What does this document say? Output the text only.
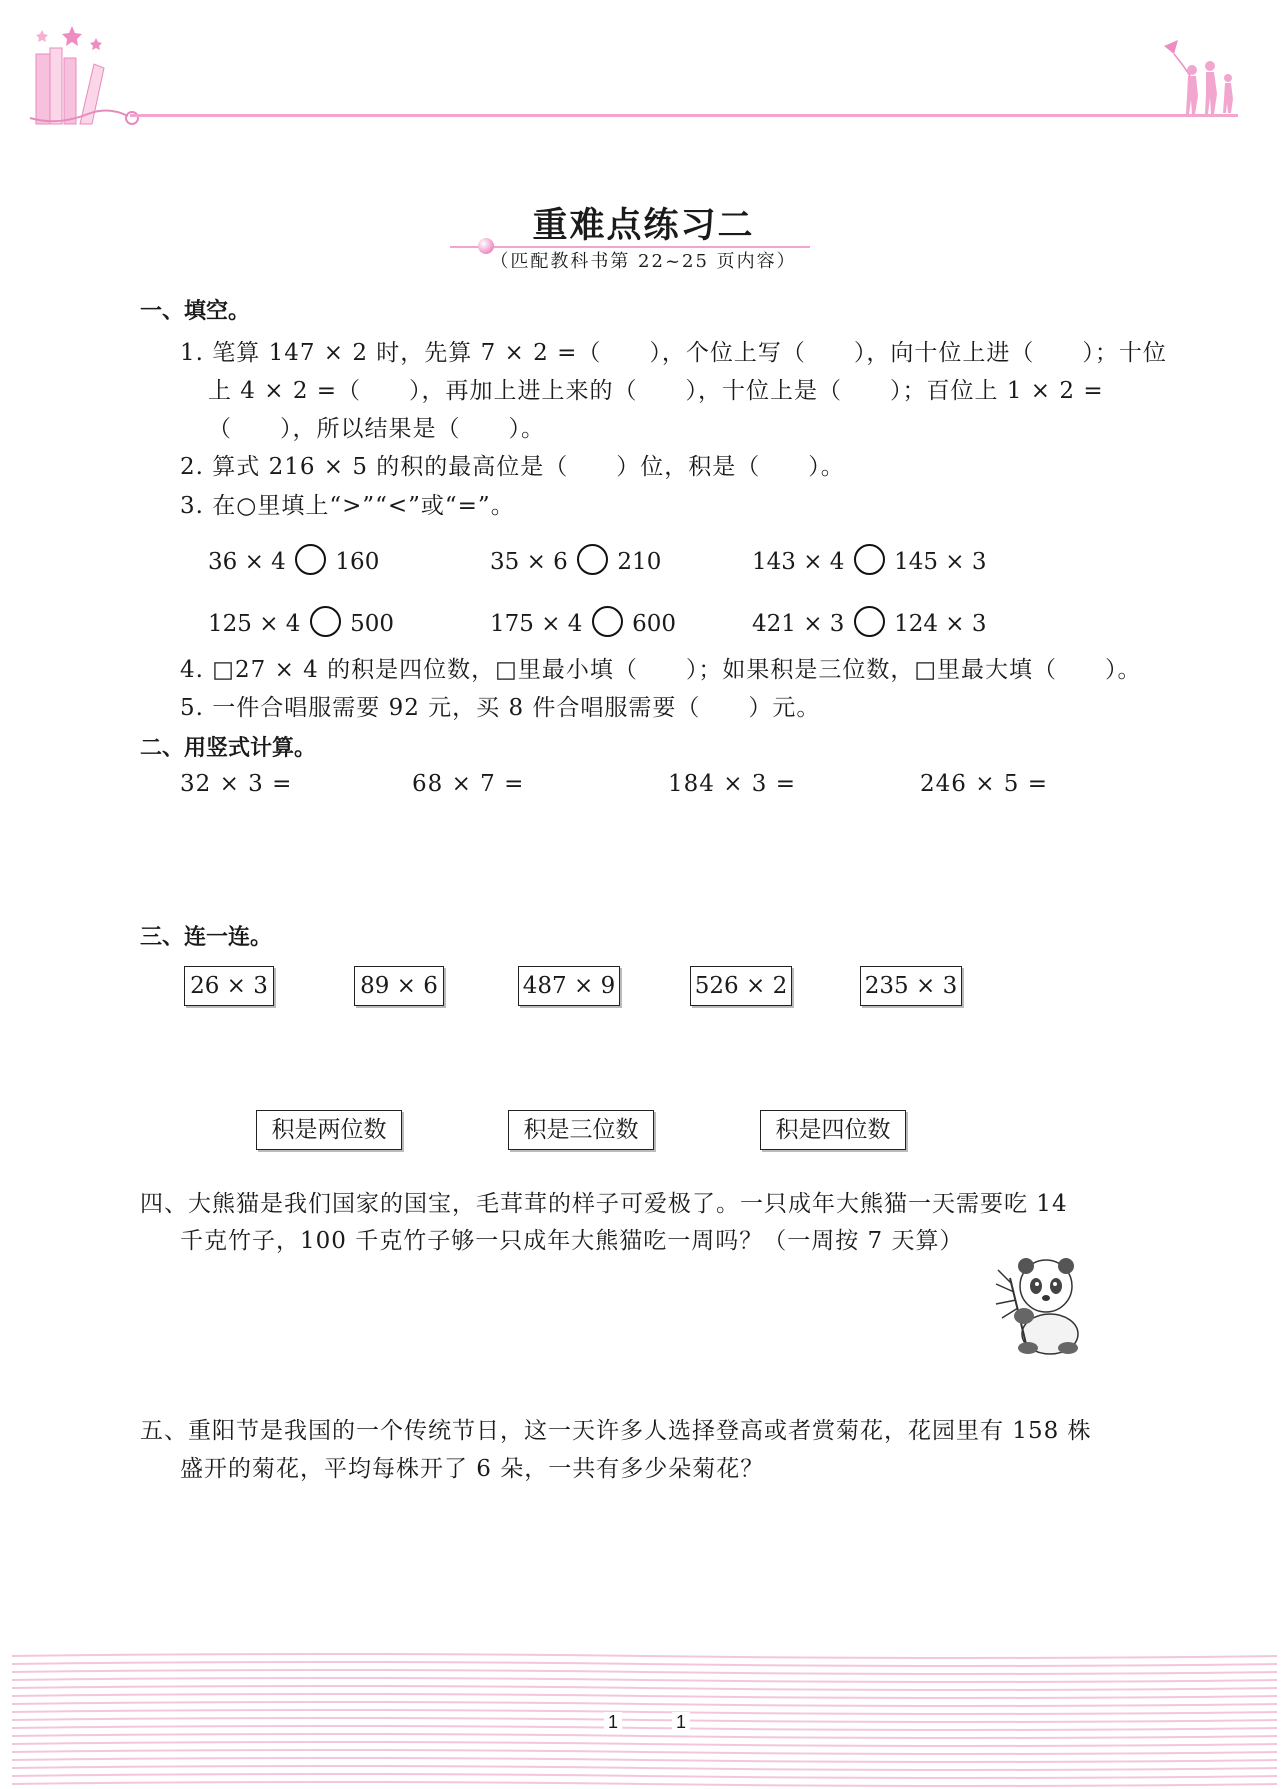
重难点练习二
（匹配教科书第 22~25 页内容）
一、填空。
1. 笔算 147 × 2 时，先算 7 × 2 =（　　），个位上写（　　），向十位上进（　　）；十位
上 4 × 2 =（　　），再加上进上来的（　　），十位上是（　　）；百位上 1 × 2 =
（　　），所以结果是（　　）。
2. 算式 216 × 5 的积的最高位是（　　）位，积是（　　）。
3. 在○里填上“>”“<”或“=”。
36 × 4 160	35 × 6 210	143 × 4 145 × 3
125 × 4 500	175 × 4 600	421 × 3 124 × 3
4. □27 × 4 的积是四位数，□里最小填（　　）；如果积是三位数，□里最大填（　　）。
5. 一件合唱服需要 92 元，买 8 件合唱服需要（　　）元。
二、用竖式计算。
32 × 3 =	68 × 7 =	184 × 3 =	246 × 5 =
三、连一连。
26 × 3	89 × 6	487 × 9	526 × 2	235 × 3
积是两位数	积是三位数	积是四位数
四、大熊猫是我们国家的国宝，毛茸茸的样子可爱极了。一只成年大熊猫一天需要吃 14
千克竹子，100 千克竹子够一只成年大熊猫吃一周吗？（一周按 7 天算）
五、重阳节是我国的一个传统节日，这一天许多人选择登高或者赏菊花，花园里有 158 株
盛开的菊花，平均每株开了 6 朵，一共有多少朵菊花？
1	1
